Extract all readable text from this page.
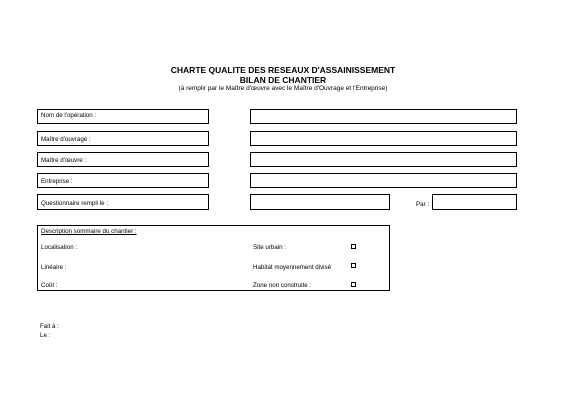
CHARTE QUALITE DES RESEAUX D'ASSAINISSEMENT
BILAN DE CHANTIER
(à remplir par le Maître d'œuvre avec le Maître d'Ouvrage et l'Entreprise)
Nom de l'opération :
Maître d'ouvrage :
Maître d'œuvre :
Entreprise :
Questionnaire rempli le :	Par :
Description sommaire du chantier :
Localisation :
Linéaire :
Coût :
Site urbain :
Habitat moyennement divisé
Zone non construite :
Fait à :
Le :
